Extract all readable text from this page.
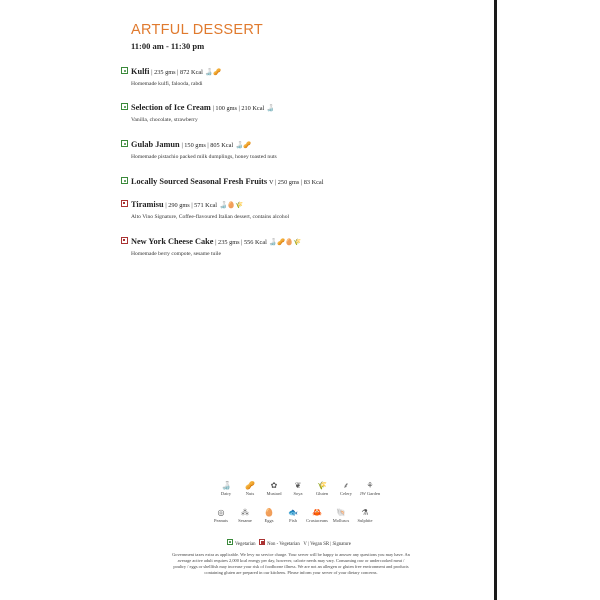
ARTFUL DESSERT
11:00 am - 11:30 pm
Kulfi | 235 gms | 872 Kcal 🍶🥜
Homemade kulfi, falooda, rabdi
Selection of Ice Cream | 100 gms | 210 Kcal 🍶
Vanilla, chocolate, strawberry
Gulab Jamun | 150 gms | 805 Kcal 🍶🥜
Homemade pistachio packed milk dumplings, honey toasted nuts
Locally Sourced Seasonal Fresh Fruits V | 250 gms | 83 Kcal
Tiramisu | 290 gms | 571 Kcal 🍶🥚🌾
Alto Vino Signature, Coffee-flavoured Italian dessert, contains alcohol
New York Cheese Cake | 235 gms | 556 Kcal 🍶🥜🥚🌾
Homemade berry compote, sesame tuile
🍶
Dairy
🥜
Nuts
✿
Mustard
❦
Soya
🌾
Gluten
⸙
Celery
⚘
JW Garden
◎
Peanuts
⁂
Sesame
🥚
Eggs
🐟
Fish
🦀
Crustaceans
🐚
Molluscs
⚗
Sulphite
Vegetarian Non - Vegetarian V | Vegan SR | Signature
Government taxes extra as applicable. We levy no service charge. Your server will be happy to answer any questions you may have. An average active adult requires 2,000 kcal energy per day, however, calorie needs may vary. Consuming raw or undercooked meat / poultry / eggs or shellfish may increase your risk of foodborne illness. We are not an allergen or gluten free environment and products containing gluten are prepared in our kitchens. Please inform your server of your dietary concerns.
